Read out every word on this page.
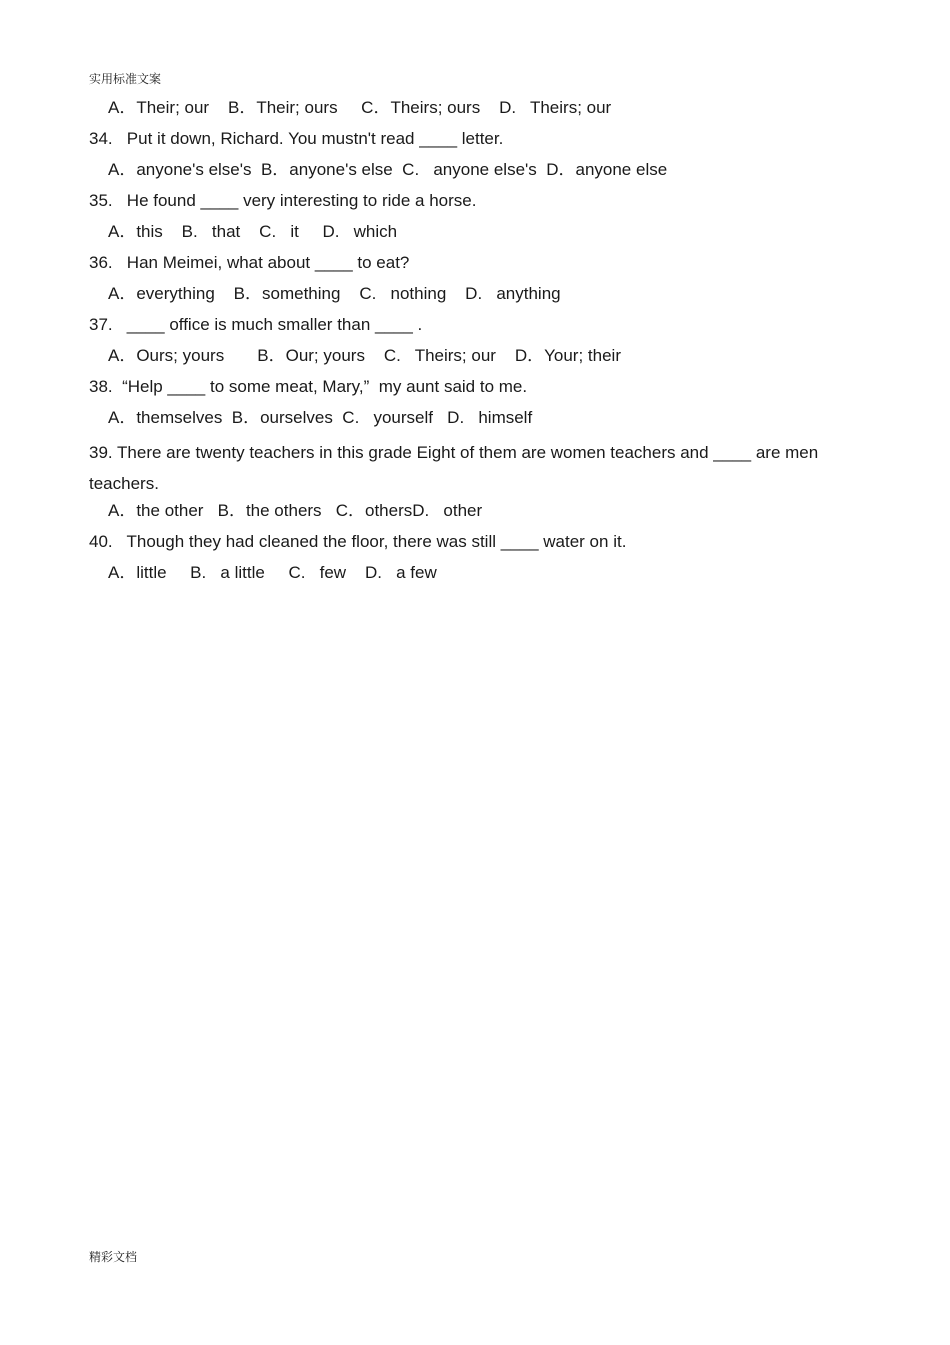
实用标准文案
A．Their; our    B．Their; ours     C．Theirs; ours    D.   Theirs; our
34.   Put it down, Richard. You mustn't read ____ letter.
A．anyone's else's  B．anyone's else  C.   anyone else's  D．anyone else
35.   He found ____ very interesting to ride a horse.
A．this    B.   that    C.   it     D.   which
36.   Han Meimei, what about ____ to eat?
A．everything    B．something    C.   nothing    D.   anything
37.   ____ office is much smaller than ____ .
A．Ours; yours       B．Our; yours    C.   Theirs; our    D．Your; their
38.  “Help ____ to some meat, Mary,”  my aunt said to me.
A．themselves  B．ourselves  C.   yourself   D.   himself
39. There are twenty teachers in this grade Eight of them are women teachers and ____ are men teachers.
A．the other   B．the others   C．othersD.   other
40.   Though they had cleaned the floor, there was still ____ water on it.
A．little     B.   a little     C.   few    D.   a few
精彩文档
